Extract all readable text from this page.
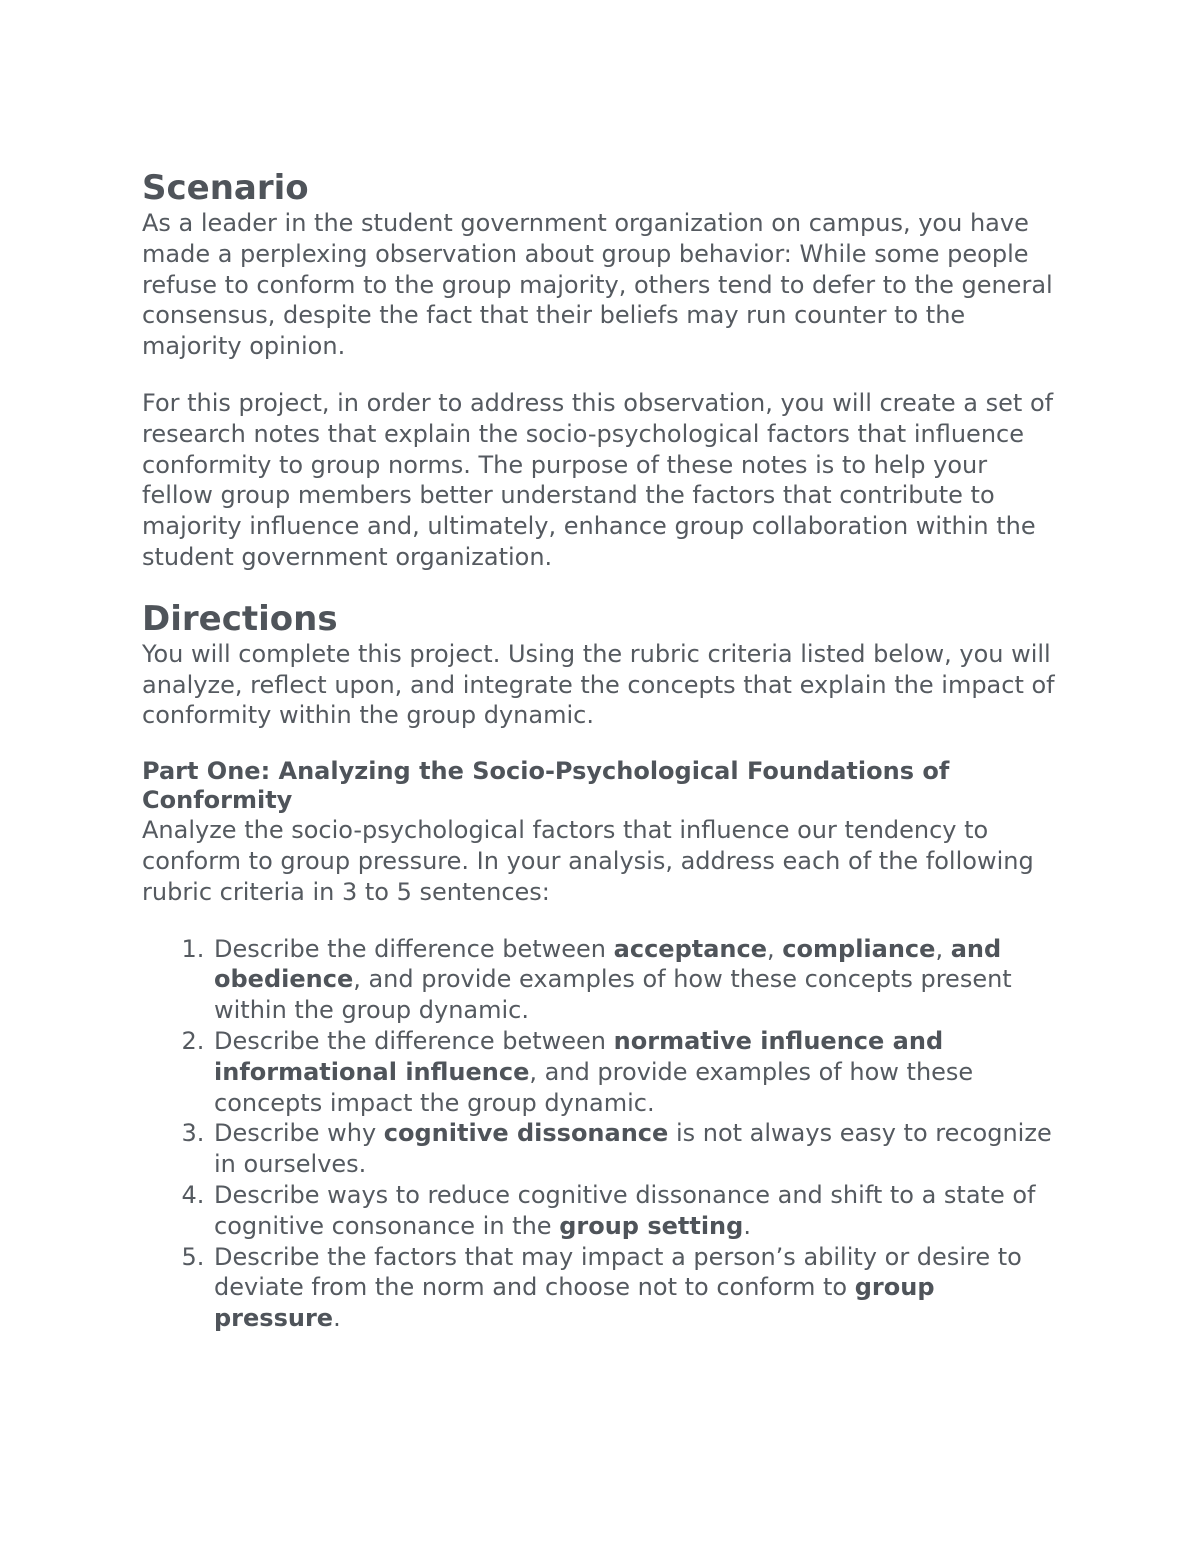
Scenario

As a leader in the student government organization on campus, you have made a perplexing observation about group behavior: While some people refuse to conform to the group majority, others tend to defer to the general consensus, despite the fact that their beliefs may run counter to the majority opinion.

For this project, in order to address this observation, you will create a set of research notes that explain the socio-psychological factors that influence conformity to group norms. The purpose of these notes is to help your fellow group members better understand the factors that contribute to majority influence and, ultimately, enhance group collaboration within the student government organization.

Directions

You will complete this project. Using the rubric criteria listed below, you will analyze, reflect upon, and integrate the concepts that explain the impact of conformity within the group dynamic.

Part One: Analyzing the Socio-Psychological Foundations of Conformity

Analyze the socio-psychological factors that influence our tendency to conform to group pressure. In your analysis, address each of the following rubric criteria in 3 to 5 sentences:

1. Describe the difference between acceptance, compliance, and obedience, and provide examples of how these concepts present within the group dynamic.
2. Describe the difference between normative influence and informational influence, and provide examples of how these concepts impact the group dynamic.
3. Describe why cognitive dissonance is not always easy to recognize in ourselves.
4. Describe ways to reduce cognitive dissonance and shift to a state of cognitive consonance in the group setting.
5. Describe the factors that may impact a person’s ability or desire to deviate from the norm and choose not to conform to group pressure.
